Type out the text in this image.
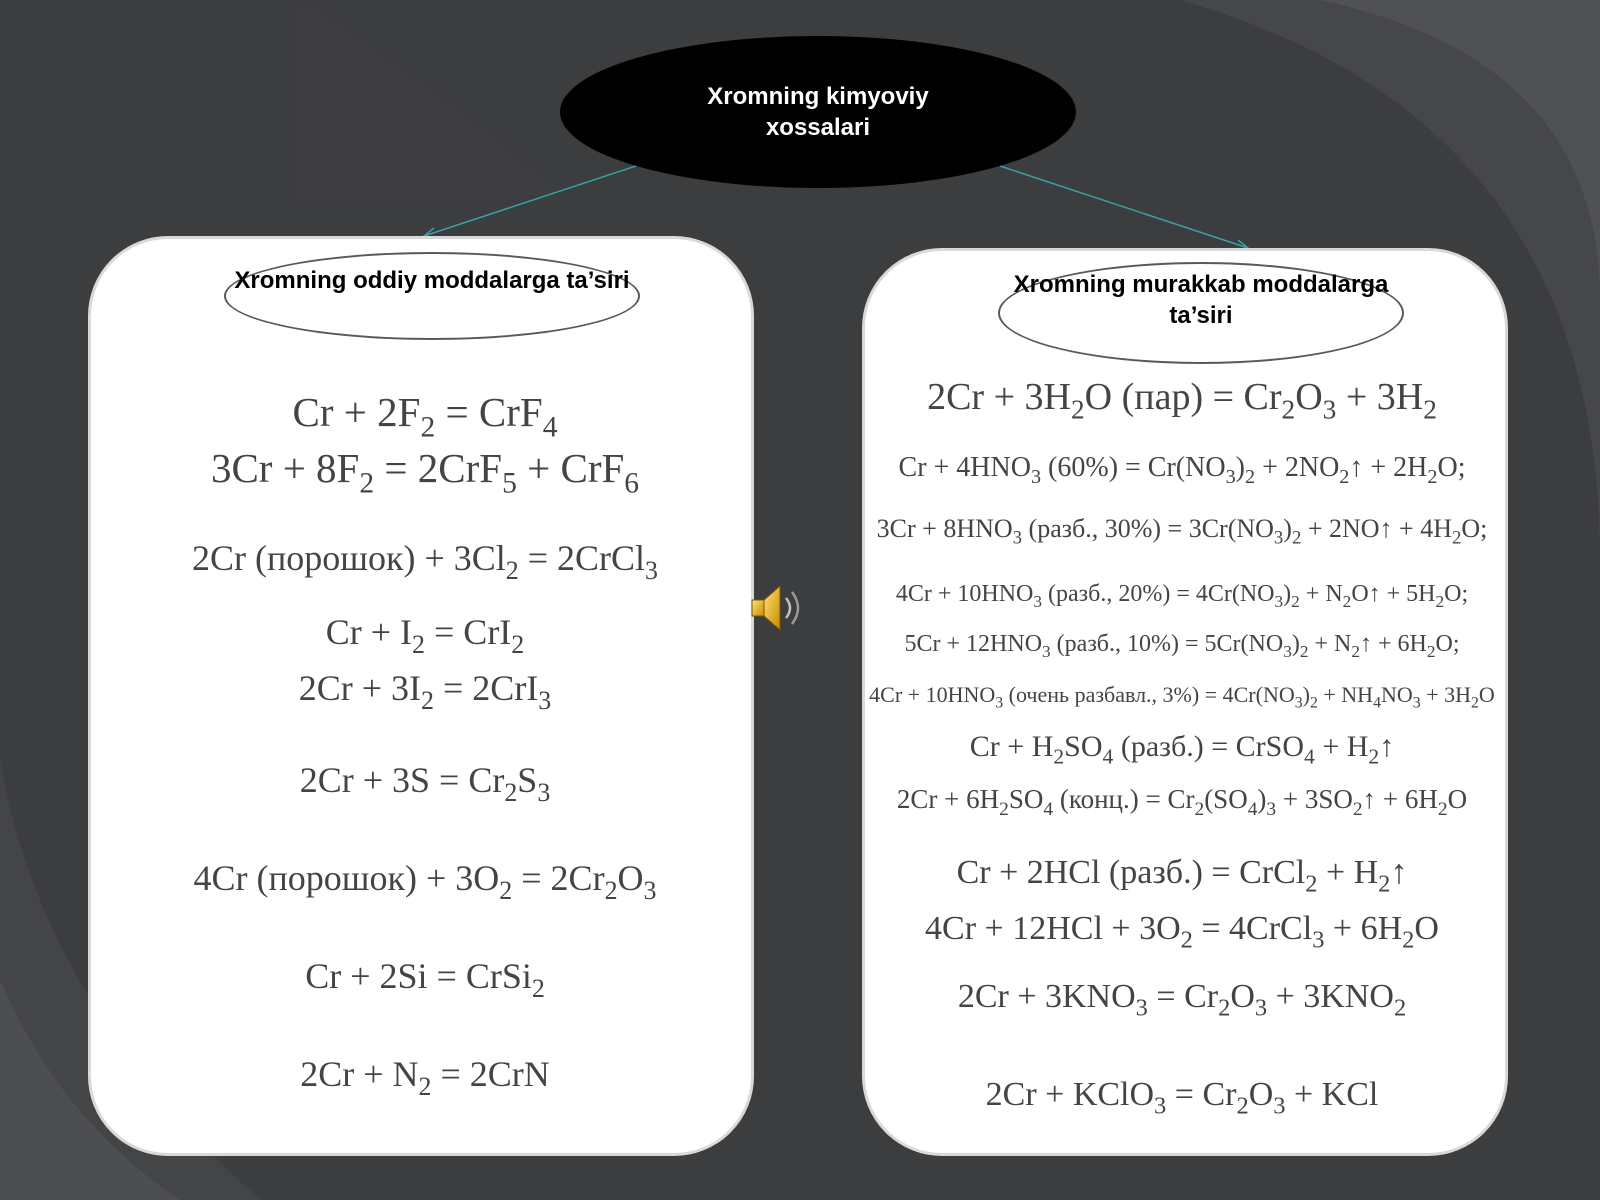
Xromning kimyoviy xossalari
Xromning oddiy moddalarga ta’siri	Xromning murakkab moddalarga ta’siri
$Cr + 2F_2 = CrF_4$
$3Cr + 8F_2 = 2CrF_5 + CrF_6$
2Cr (порошок) + $3Cl_2$ = 2CrCl$_3$
$Cr + I_2 = CrI_2$
$2Cr + 3I_2 = 2CrI_3$
$2Cr + 3S = Cr_2S_3$
4Cr (порошок) + $3O_2 = 2Cr_2O_3$
Cr + 2Si = CrSi$_2$
$2Cr + N_2 = 2CrN$
$2Cr + 3H_2O$ $(пар) = Cr_2O_3 + 3H_2$
$Cr + 4HNO_3$ $(60\%) = Cr(NO_3)_2$ + $2NO_2↑ + 2H_2O$;
$3Cr + 8HNO_3$ (разб., $30\%) = 3Cr(NO_3)_2$ + 2NO↑ + $4H_2O$;
$4Cr + 10HNO_3$ (разб., $20\%) = 4Cr(NO_3)_2$ + $N_2O↑ + 5H_2O$;
$5Cr + 12HNO_3$ (разб., $10\%) = 5Cr(NO_3)_2$ + $N_2↑ + 6H_2O$;
$4Cr + 10HNO_3$ (очень разбавл., $3\%) = 4Cr(NO_3)_2 + NH_4NO_3 + 3H_2O$
$Cr + H_2SO_4$ (разб.) = CrSO$_4$ + $H_2↑$
$2Cr + 6H_2SO_4$ (конц.) = $Cr_2(SO_4)_3$ + $3SO_2↑ + 6H_2O$
Cr + 2HCl (разб.) = CrCl$_2$ + $H_2↑$
$4Cr + 12HCl + 3O_2$ = 4CrCl$_3$ + $6H_2O$
$2Cr + 3KNO_3 = Cr_2O_3 + 3KNO_2$
2Cr + KClO$_3$ = $Cr_2O_3$ + KCl
